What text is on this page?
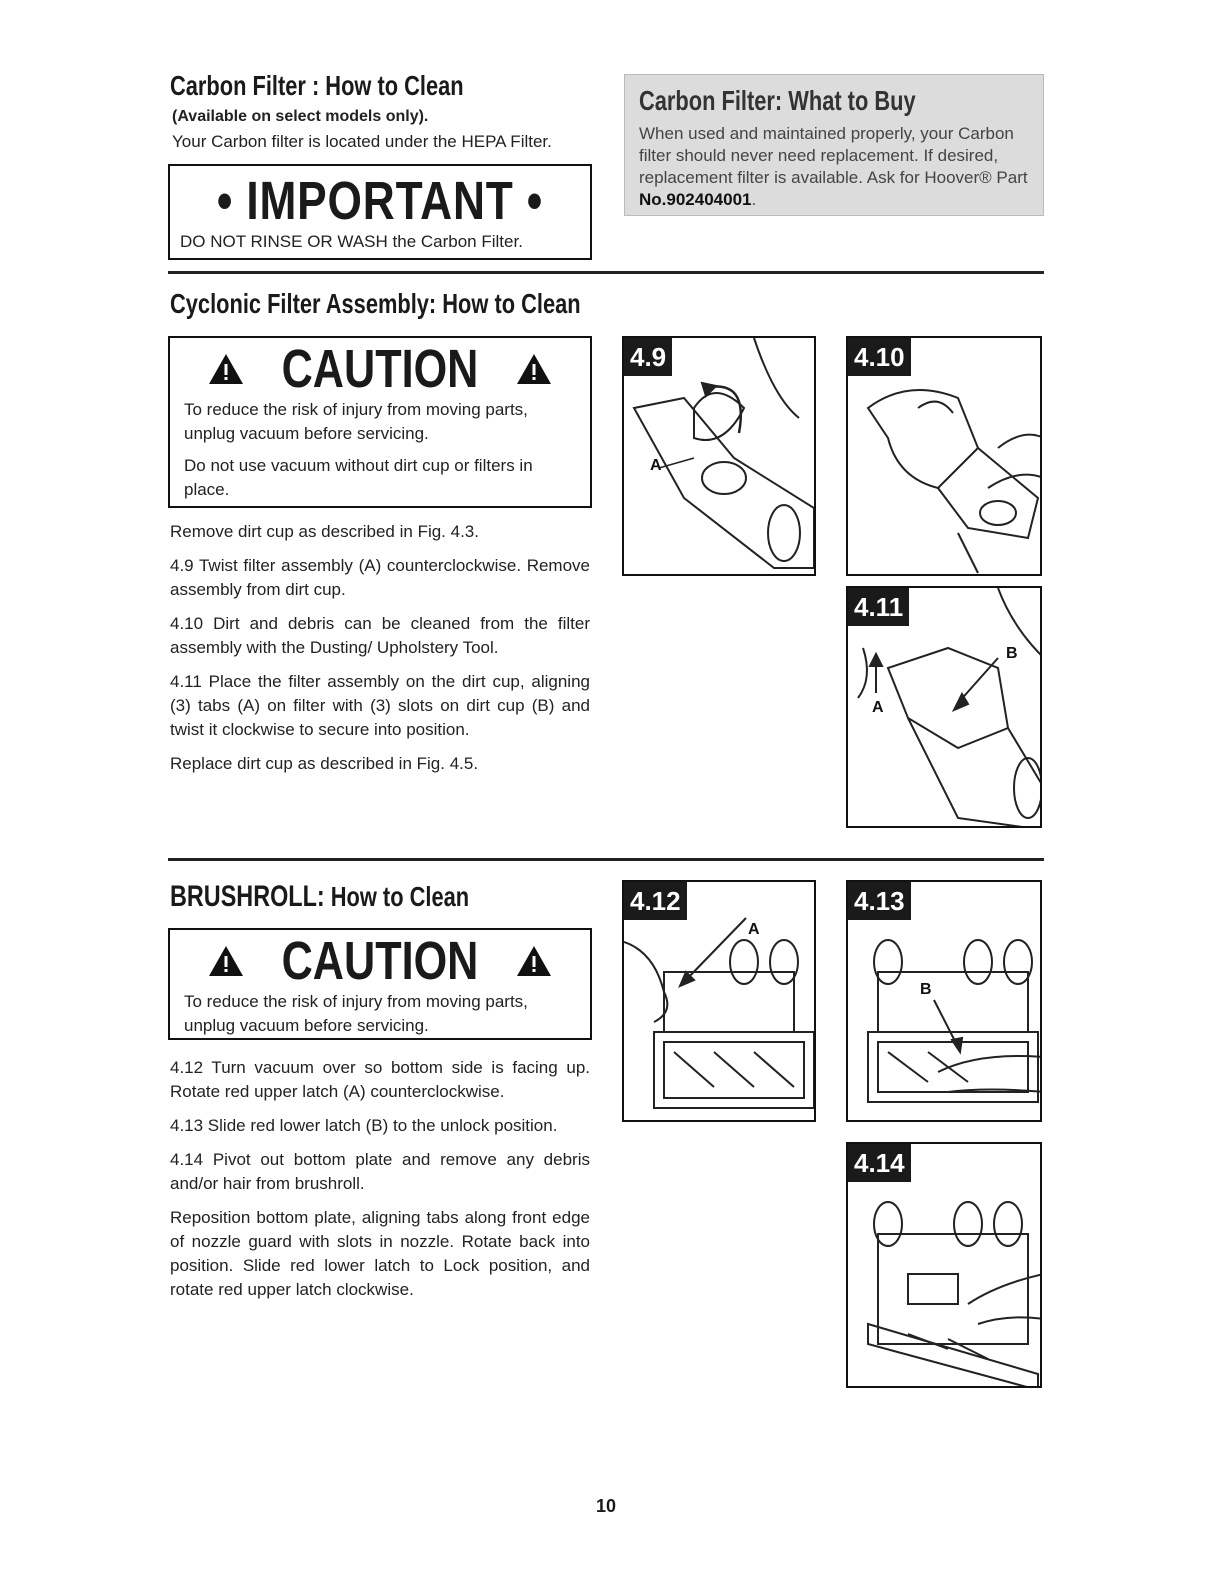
Carbon Filter : How to Clean
(Available on select models only).
Your Carbon filter is located under the HEPA Filter.
• IMPORTANT •
DO NOT RINSE OR WASH the Carbon Filter.
Carbon Filter: What to Buy
When used and maintained properly, your Carbon filter should never need replacement. If desired, replacement filter is available. Ask for Hoover® Part No.902404001.
Cyclonic Filter Assembly: How to Clean
CAUTION

To reduce the risk of injury from moving parts, unplug vacuum before servicing.

Do not use vacuum without dirt cup or filters in place.

Remove dirt cup as described in Fig. 4.3.

4.9 Twist filter assembly (A) counterclockwise. Remove assembly from dirt cup.

4.10 Dirt and debris can be cleaned from the filter assembly with the Dusting/ Upholstery Tool.

4.11 Place the filter assembly on the dirt cup, aligning (3) tabs (A) on filter with (3) slots on dirt cup (B) and twist it clockwise to secure into position.

Replace dirt cup as described in Fig. 4.5.

A
4.9	4.10
A
B
4.11
BRUSHROLL: How to Clean
CAUTION

To reduce the risk of injury from moving parts, unplug vacuum before servicing.

4.12 Turn vacuum over so bottom side is facing up. Rotate red upper latch (A) counterclockwise.

4.13 Slide red lower latch (B) to the unlock position.

4.14 Pivot out bottom plate and remove any debris and/or hair from brushroll.

Reposition bottom plate, aligning tabs along front edge of nozzle guard with slots in nozzle. Rotate back into position. Slide red lower latch to Lock position, and rotate red upper latch clockwise.

A
4.12
B
4.13
4.14
10
